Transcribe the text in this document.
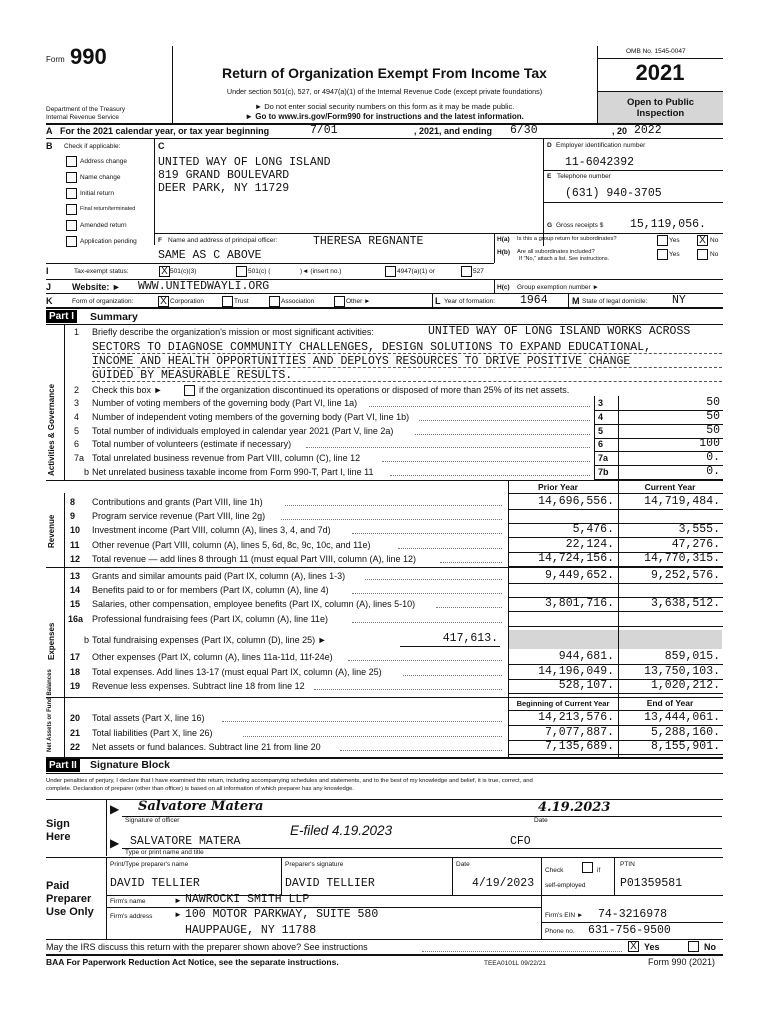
Form 990
Department of the Treasury
Internal Revenue Service
Return of Organization Exempt From Income Tax
Under section 501(c), 527, or 4947(a)(1) of the Internal Revenue Code (except private foundations)
► Do not enter social security numbers on this form as it may be made public.
► Go to www.irs.gov/Form990 for instructions and the latest information.
OMB No. 1545-0047
2021
Open to Public
Inspection
A For the 2021 calendar year, or tax year beginning	7/01	, 2021, and ending 6/30	, 20 2022
B Check if applicable:
Address change
Name change
Initial return
Final return/terminated
Amended return
Application pending
C
UNITED WAY OF LONG ISLAND
819 GRAND BOULEVARD
DEER PARK, NY 11729
D Employer identification number
11-6042392
E Telephone number
(631) 940-3705
G Gross receipts $ 15,119,056.
F Name and address of principal officer:	THERESA REGNANTE
SAME AS C ABOVE
H(a) Is this a group return for subordinates?	Yes X No
H(b) Are all subordinates included?
If "No," attach a list. See instructions.
Yes	No
I	Tax-exempt status:	X 501(c)(3)	501(c) (	)◄ (insert no.)	4947(a)(1) or	527
J Website: ► WWW.UNITEDWAYLI.ORG	H(c) Group exemption number ►
K	Form of organization:	X Corporation	Trust	Association	Other ►	L Year of formation: 1964	M State of legal domicile: NY
Part I Summary
Activities & Governance
1 Briefly describe the organization's mission or most significant activities:	UNITED WAY OF LONG ISLAND WORKS ACROSS
SECTORS TO DIAGNOSE COMMUNITY CHALLENGES, DESIGN SOLUTIONS TO EXPAND EDUCATIONAL,
INCOME AND HEALTH OPPORTUNITIES AND DEPLOYS RESOURCES TO DRIVE POSITIVE CHANGE
GUIDED BY MEASURABLE RESULTS.
2 Check this box ►	if the organization discontinued its operations or disposed of more than 25% of its net assets.
3 Number of voting members of the governing body (Part VI, line 1a)	3	50
4 Number of independent voting members of the governing body (Part VI, line 1b)	4	50
5 Total number of individuals employed in calendar year 2021 (Part V, line 2a)	5	50
6 Total number of volunteers (estimate if necessary)	6	100
7a Total unrelated business revenue from Part VIII, column (C), line 12	7a	0.
b Net unrelated business taxable income from Form 990-T, Part I, line 11	7b	0.
Prior Year	Current Year
Revenue
8 Contributions and grants (Part VIII, line 1h)	14,696,556.	14,719,484.
9 Program service revenue (Part VIII, line 2g)
10 Investment income (Part VIII, column (A), lines 3, 4, and 7d)	5,476.	3,555.
11 Other revenue (Part VIII, column (A), lines 5, 6d, 8c, 9c, 10c, and 11e)	22,124.	47,276.
12 Total revenue — add lines 8 through 11 (must equal Part VIII, column (A), line 12)	14,724,156.	14,770,315.
Expenses
13 Grants and similar amounts paid (Part IX, column (A), lines 1-3)	9,449,652.	9,252,576.
14 Benefits paid to or for members (Part IX, column (A), line 4)
15 Salaries, other compensation, employee benefits (Part IX, column (A), lines 5-10)	3,801,716.	3,638,512.
16a Professional fundraising fees (Part IX, column (A), line 11e)
b Total fundraising expenses (Part IX, column (D), line 25) ►	417,613.
17 Other expenses (Part IX, column (A), lines 11a-11d, 11f-24e)	944,681.	859,015.
18 Total expenses. Add lines 13-17 (must equal Part IX, column (A), line 25)	14,196,049.	13,750,103.
19 Revenue less expenses. Subtract line 18 from line 12	528,107.	1,020,212.
Beginning of Current Year	End of Year
Net Assets or Fund Balances 20 Total assets (Part X, line 16)	14,213,576.	13,444,061.
21 Total liabilities (Part X, line 26)	7,077,887.	5,288,160.
22 Net assets or fund balances. Subtract line 21 from line 20	7,135,689.	8,155,901.
Part II Signature Block
Under penalties of perjury, I declare that I have examined this return, including accompanying schedules and statements, and to the best of my knowledge and belief, it is true, correct, and
complete. Declaration of preparer (other than officer) is based on all information of which preparer has any knowledge.
Sign
Here
▶ Salvatore Matera	4.19.2023
Signature of officer	Date
▶
E-filed 4.19.2023
SALVATORE MATERA	CFO
Type or print name and title
Paid
Preparer
Use Only
Print/Type preparer's name	Preparer's signature	Date
Check	if
self-employed
PTIN
DAVID TELLIER	DAVID TELLIER	4/19/2023	P01359581
Firm's name	► NAWROCKI SMITH LLP
Firm's address	► 100 MOTOR PARKWAY, SUITE 580
HAUPPAUGE, NY 11788
Firm's EIN ► 74-3216978
Phone no. 631-756-9500
May the IRS discuss this return with the preparer shown above? See instructions	X Yes	No
BAA For Paperwork Reduction Act Notice, see the separate instructions.	TEEA0101L 09/22/21	Form 990 (2021)
